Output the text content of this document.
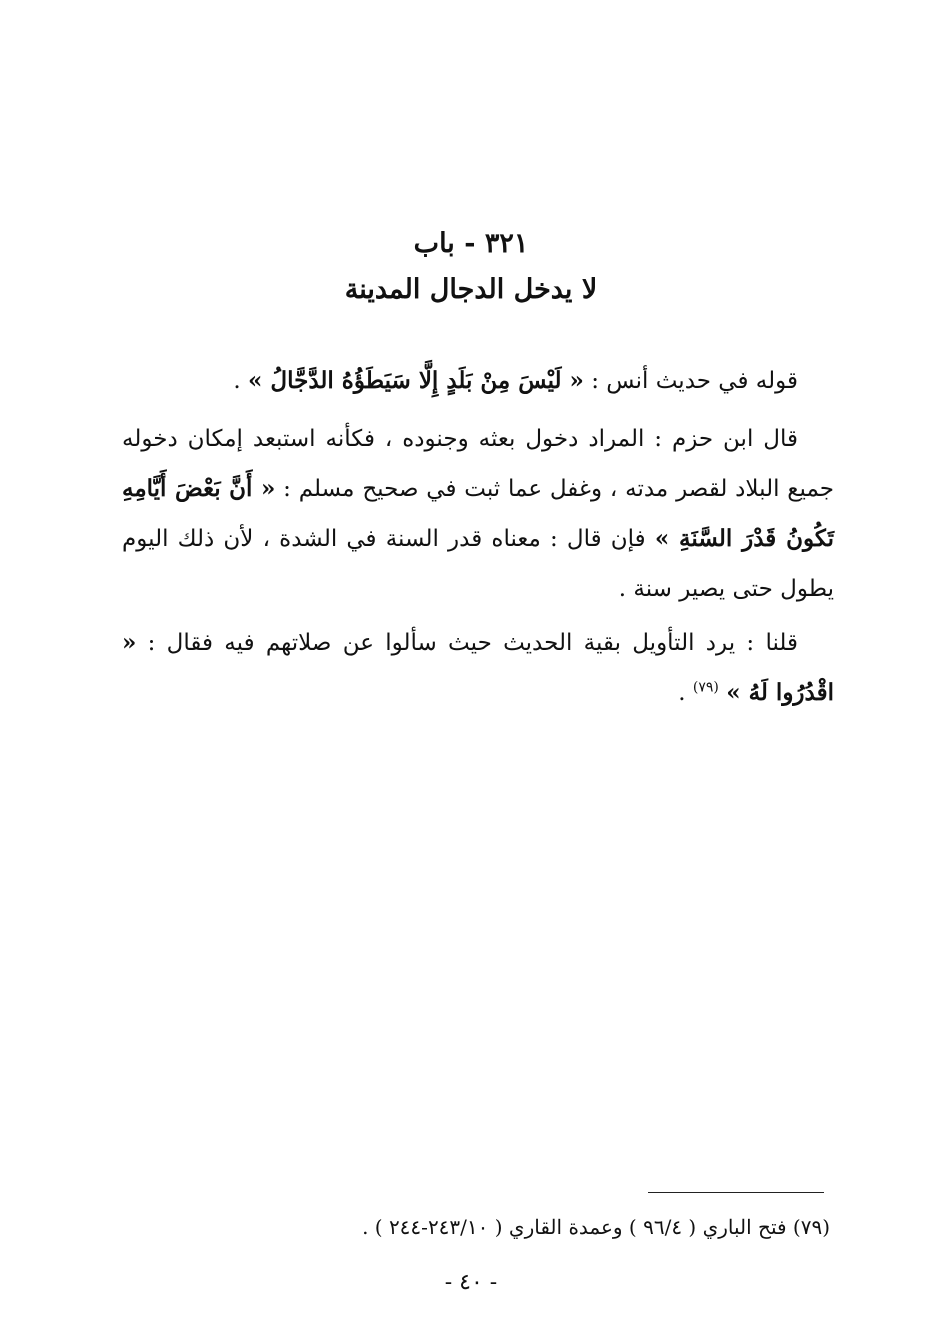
٣٢١ - باب
لا يدخل الدجال المدينة

قوله في حديث أنس : « لَيْسَ مِنْ بَلَدٍ إِلَّا سَيَطَؤُهُ الدَّجَّالُ » .

قال ابن حزم : المراد دخول بعثه وجنوده ، فكأنه استبعد إمكان دخوله جميع البلاد لقصر مدته ، وغفل عما ثبت في صحيح مسلم : « أَنَّ بَعْضَ أَيَّامِهِ تَكُونُ قَدْرَ السَّنَةِ » فإن قال : معناه قدر السنة في الشدة ، لأن ذلك اليوم يطول حتى يصير سنة .

قلنا : يرد التأويل بقية الحديث حيث سألوا عن صلاتهم فيه فقال : « اقْدُرُوا لَهُ » $^{(٧٩)}$ .

(٧٩) فتح الباري ( ٩٦/٤ ) وعمدة القاري ( ٢٤٣/١٠-٢٤٤ ) .
- ٤٠ -
